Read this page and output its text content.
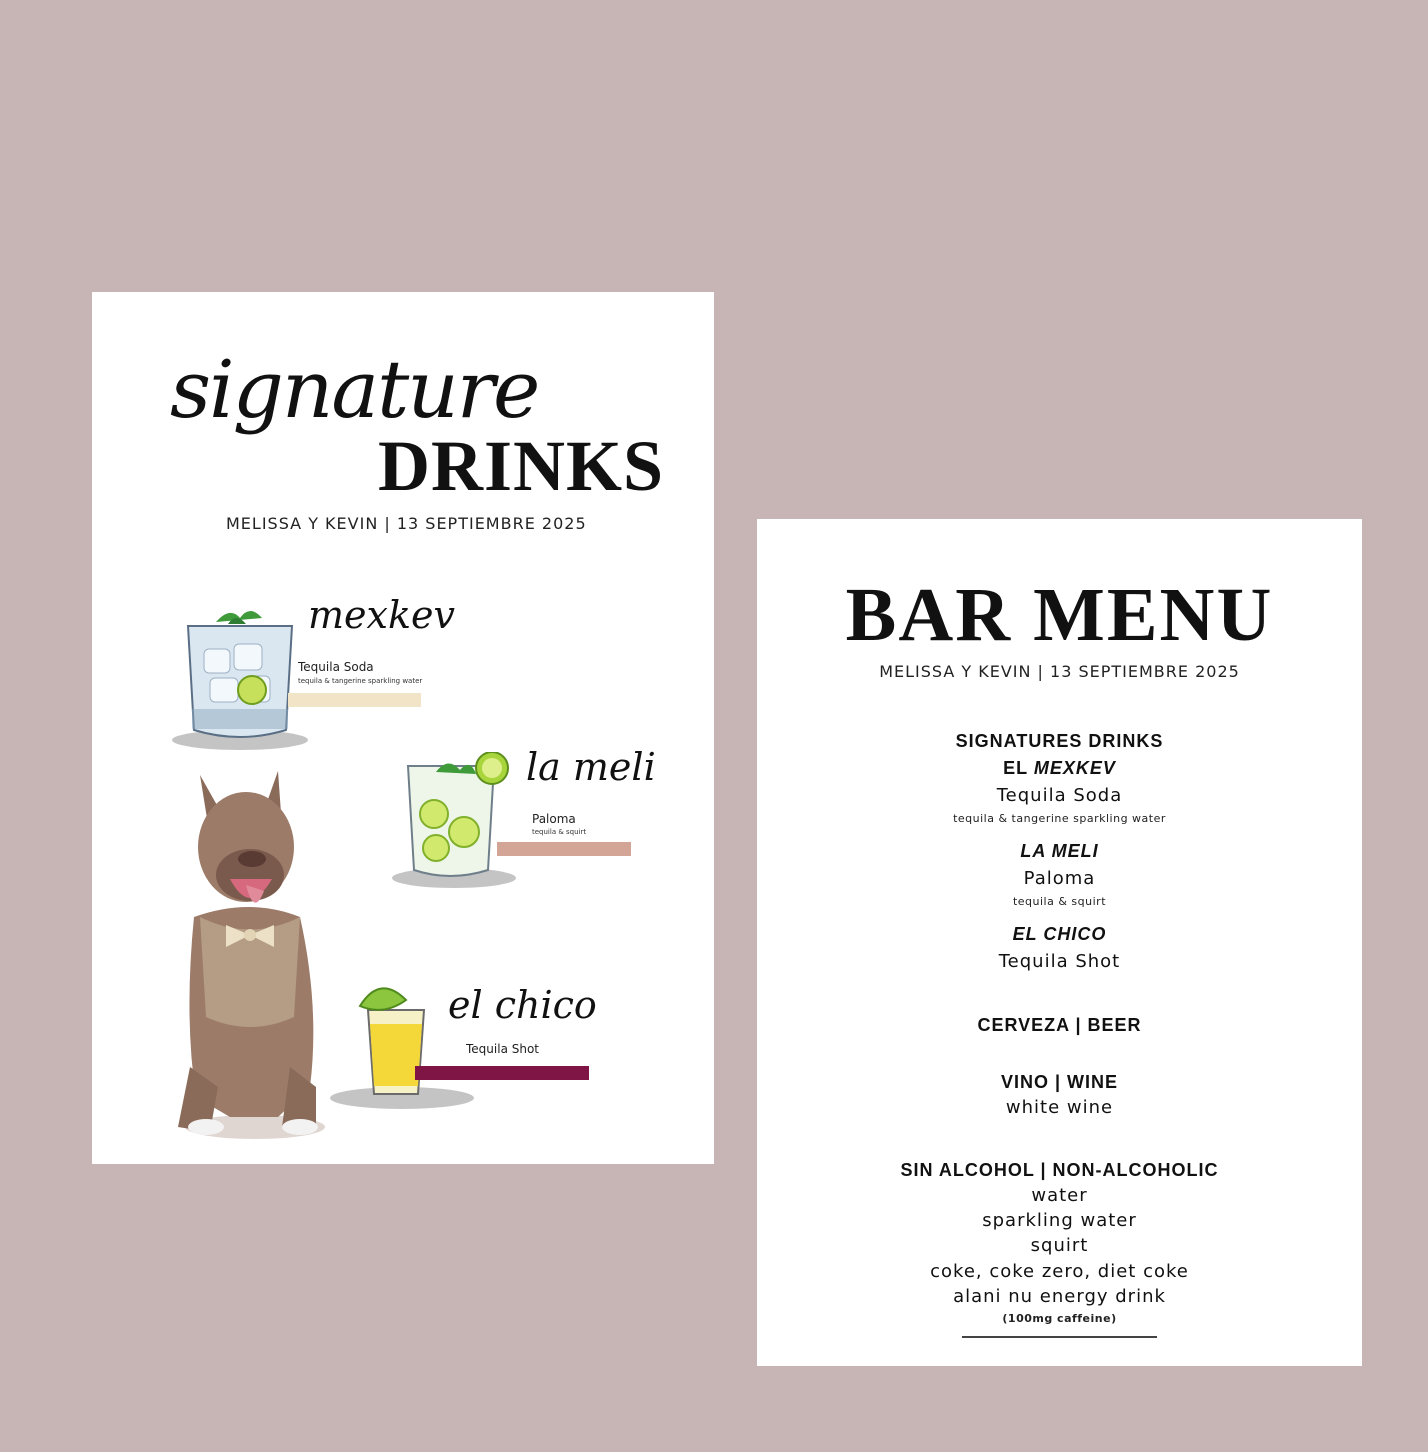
signature
DRINKS
MELISSA Y KEVIN | 13 SEPTIEMBRE 2025
mexkev
Tequila Soda
tequila & tangerine sparkling water
la meli
Paloma
tequila & squirt
el chico
Tequila Shot
BAR MENU
MELISSA Y KEVIN | 13 SEPTIEMBRE 2025
SIGNATURES DRINKS
EL MEXKEV
Tequila Soda
tequila & tangerine sparkling water
LA MELI
Paloma
tequila & squirt
EL CHICO
Tequila Shot
CERVEZA | BEER
VINO | WINE
white wine
SIN ALCOHOL | NON-ALCOHOLIC
water
sparkling water
squirt
coke, coke zero, diet coke
alani nu energy drink
(100mg caffeine)
